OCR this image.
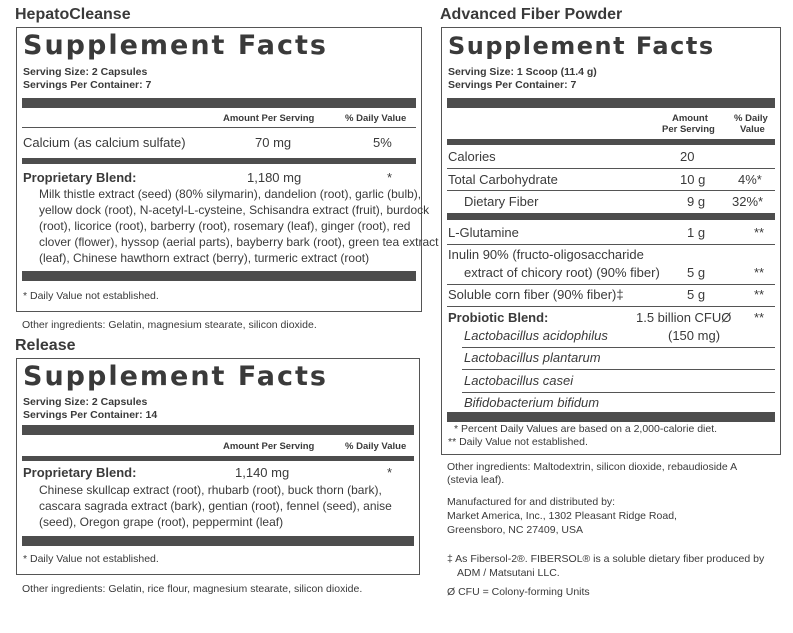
HepatoCleanse
Supplement Facts
Serving Size: 2 Capsules
Servings Per Container: 7
Amount Per Serving	% Daily Value
Calcium (as calcium sulfate)	70 mg	5%
Proprietary Blend:	1,180 mg	*
Milk thistle extract (seed) (80% silymarin), dandelion (root), garlic (bulb),
yellow dock (root), N-acetyl-L-cysteine, Schisandra extract (fruit), burdock
(root), licorice (root), barberry (root), rosemary (leaf), ginger (root), red
clover (flower), hyssop (aerial parts), bayberry bark (root), green tea extract
(leaf), Chinese hawthorn extract (berry), turmeric extract (root)
* Daily Value not established.
Other ingredients: Gelatin, magnesium stearate, silicon dioxide.
Release
Supplement Facts
Serving Size: 2 Capsules
Servings Per Container: 14
Amount Per Serving	% Daily Value
Proprietary Blend:	1,140 mg	*
Chinese skullcap extract (root), rhubarb (root), buck thorn (bark),
cascara sagrada extract (bark), gentian (root), fennel (seed), anise
(seed), Oregon grape (root), peppermint (leaf)
* Daily Value not established.
Other ingredients: Gelatin, rice flour, magnesium stearate, silicon dioxide.
Advanced Fiber Powder
Supplement Facts
Serving Size: 1 Scoop (11.4 g)
Servings Per Container: 7
Amount
Per Serving
% Daily
Value
Calories	20
Total Carbohydrate	10 g	4%*
Dietary Fiber	9 g 32%*
L-Glutamine	1 g	**
Inulin 90% (fructo-oligosaccharide
extract of chicory root) (90% fiber) 5 g	**
Soluble corn fiber (90% fiber)‡	5 g	**
Probiotic Blend:	1.5 billion CFUØ **
Lactobacillus acidophilus	(150 mg)
Lactobacillus plantarum
Lactobacillus casei
Bifidobacterium bifidum
* Percent Daily Values are based on a 2,000-calorie diet.
** Daily Value not established.
Other ingredients: Maltodextrin, silicon dioxide, rebaudioside A
(stevia leaf).
Manufactured for and distributed by:
Market America, Inc., 1302 Pleasant Ridge Road,
Greensboro, NC 27409, USA
‡ As Fibersol-2®. FIBERSOL® is a soluble dietary fiber produced by
ADM / Matsutani LLC.
Ø CFU = Colony-forming Units
